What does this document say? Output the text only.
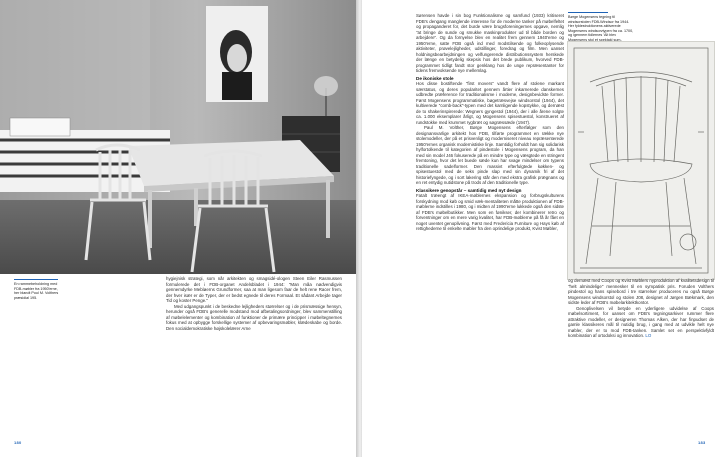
En rammebeholdning med FDB-møbler fra 1950'erne, her blandt Poul M. Volthers præsidial 195.

hygiejnisk strategi, som når arkitekten og smagsidé-ologen Steen Eiler Rasmussen formulerede det i FDB-organet Andelsbladet i 1944: "Man måa nødvendigvis gennemdyrke Mebløerns Grundformer, saa at man ligesom faar de helt rene Racer frem, der hver især er de Typer, der er bedst egnede til deres Formaal. Et sådant Arbejde tager Tid og koster Penge."

Med udgangspunkt i de beskedne lejligheders størrelser og i de prismæssige hensyn, herunder også FDB's generelle modstand mod afbetalingsordninger, blev sammenstilling af møbelelementer og kombination af funktioner de primære principper i møbeltegnernes fokus med at opbygge forskellige systemer af opbevaringsmøbler, klædeskabe og borde. Den socialdemokratiske højskolelærer Arne

180

Sørensen havde i sin bog Funktionalisme og samfund (1933) kritiseret FDB's dengang manglende interesse for de moderne tanker på møbelfeltet og propaganderet for, det burde være brugsforeningernes opgave, nemlig "at bringe de sunde og smukke maskinprodukter ud til både borden og arbejdere". Og da fornyelse blev en realitet frem gennem 1940'erne og 1950'erne, satte FDB også ind med modstilsende og folkeoplysende aktiviteter, prøvelejligheder, udstillinger, foredrag og film. Men uanset holdningsbearbejdningen og velfungerende distributionssystem herskede der længe en betydelig skepsis hos det brede publikum, hvorved FDB-programmet tidligt fandt stor genklang hos de unge repræsentanter for tidens fremvoksende nye mellemlag.

De ikoniske stole

Hos disse bostiftende "first movers" vandt flere af stolene markant særstatus, og deres popularitet gennem årtier inkarnerede danskernes udbredte præference for traditionalisme i moderne, designbevidste former. Først Mogensens programmatiske, bøgetræsvejse windsorstol (1944), det kultiverede "comb-back"-typen med det karnligende kopstykke, og dernæst de to shakerinspirerede: Wegners gyngestol (1944), der i alle årene solgte ca. 1.000 eksemplarer årligt, og Mogensens spisestuestol, konstrueret af rundstokke med krummet rygbræt og søgræssæde (1947).

Paul M. Volther, Børge Mogensens efterfølger som den designansvarlige arkitekt hos FDB, tilførte programmet en række nye stolemodeller, der på et prisvenligt og moderniseret niveau repræsenterede 1950'ernes organisk modernistiske linje. Samtidig forholdt han sig solidarisk hylfortolkende til kategorien af pindestole i Mogensens program, da han med sin model J46 fokuserede på en mindre type og væsgtede en stringent fremtoning, hvor det let buede sæde kun har svage mindelser om typens traditionelle sadelformer. Den massivt efterfulgtede køkken- og spisestuestol med de seks pinde slap med sin dynamik fri af det historiefyngede, og i sort lakering står den med ekstra grafisk prægnans og en ret entydig nutidstone på trods af den traditionelle type.

Klassikere genopstår – samtidig med nyt design

Fatalt træengt af IKEA-møblernes ekspansion og forbrugskulturens forskydning mod køb og smid væk-mentaliteten måtte produktionen af FDB-møblerne indstilles i 1980, og i midten af 1990'erne lukkede også den sidste af FDB's møbelbutikker. Men som en fønikser, der kombinerer retro og forventninger om en mere varig kvalitet, har FDB-møblerne på få år fået en noget uventet genoplivning. Først med Fredericia Furniture og Hays køb af rettighederne til enkelte møbler fra den oprindelige produkt, Kvist Møbler,

Børge Mogensens tegning til windsorstolen FDB-Windsor fra 1944. Her fyldestruktionens aktiverede Mogensens windsorvtypen fra ca. 1700, og igennem tidlernes 'Alt blev Mogensens stol et spektakl sum-usminstet eskelelen.

og dernæst med Coops og Kvist Møblers nyproduktion af kvalitetsdesign til "helt almindelige" mennesker til en sympatisk pris. Foruden Volthers pindestol og hans spisebord i tre størrelser produceres nu også Børge Mogensens windsorstol og stolen J08, designet af Jørgen Bækmark, den sidste leder af FDB's møbelarkitektkontor.

Genoplivelsen vil betyde en yderligere udvidelse af Coops møbelsortiment, for uanset om FDB's tegningsarkiver rummer flere attraktive modeller, er designeren Thomas Alken, der har finpudset de gamle klassikeres mål til nutidig brug, i gang med at udvikle helt nye møbler, der er to mod FDB-tanken. Samlet set en perspektivfyldt kombination af ortodoksi og innovation. LO

183
